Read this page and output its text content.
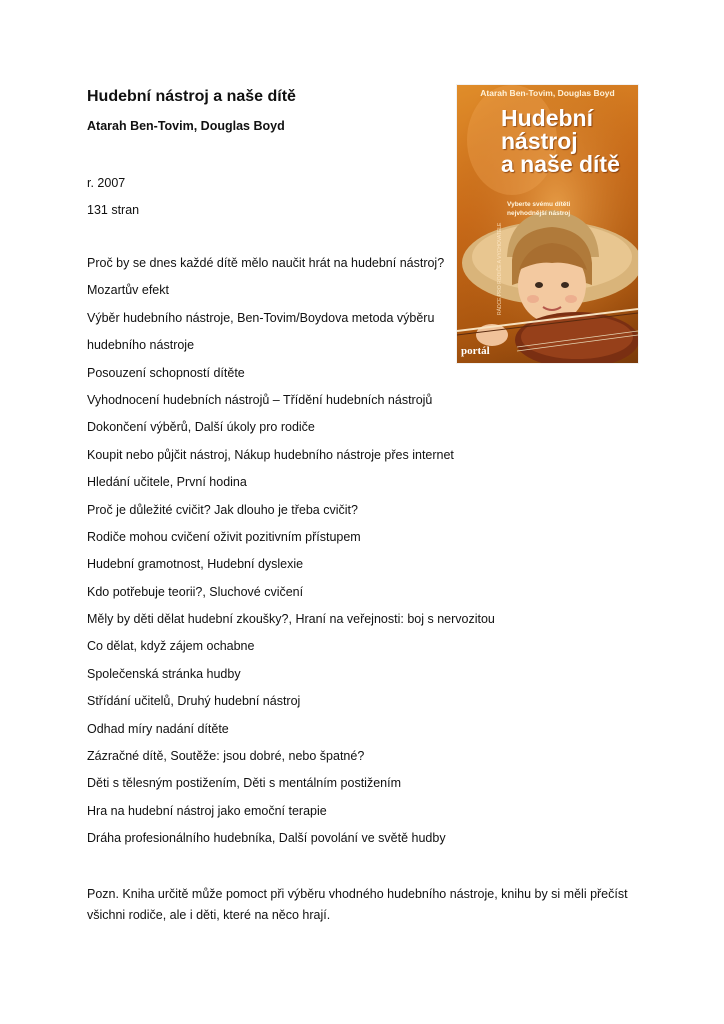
Hudební nástroj a naše dítě
Atarah Ben-Tovim, Douglas Boyd
r. 2007
131 stran
Proč by se dnes každé dítě mělo naučit hrát na hudební nástroj?
Mozartův efekt
Výběr hudebního nástroje, Ben-Tovim/Boydova metoda výběru
hudebního nástroje
Posouzení schopností dítěte
Vyhodnocení hudebních nástrojů – Třídění hudebních nástrojů
Dokončení výběrů, Další úkoly pro rodiče
Koupit nebo půjčit nástroj, Nákup hudebního nástroje přes internet
Hledání učitele, První hodina
Proč je důležité cvičit? Jak dlouho je třeba cvičit?
Rodiče mohou cvičení oživit pozitivním přístupem
Hudební gramotnost, Hudební dyslexie
Kdo potřebuje teorii?, Sluchové cvičení
Měly by děti dělat hudební zkoušky?, Hraní na veřejnosti: boj s nervozitou
Co dělat, když zájem ochabne
Společenská stránka hudby
Střídání učitelů, Druhý hudební nástroj
Odhad míry nadání dítěte
Zázračné dítě, Soutěže: jsou dobré, nebo špatné?
Děti s tělesným postižením, Děti s mentálním postižením
Hra na hudební nástroj jako emoční terapie
Dráha profesionálního hudebníka, Další povolání ve světě hudby

Pozn. Kniha určitě může pomoct při výběru vhodného hudebního nástroje, knihu by si měli přečíst všichni rodiče, ale i děti, které na něco hrají.

RÁDCE PRO RODIČE A VYCHOVATELE
Atarah Ben-Tovim, Douglas Boyd
Hudební
nástroj
a naše dítě
Vyberte svému dítěti
nejvhodnější nástroj
portál
